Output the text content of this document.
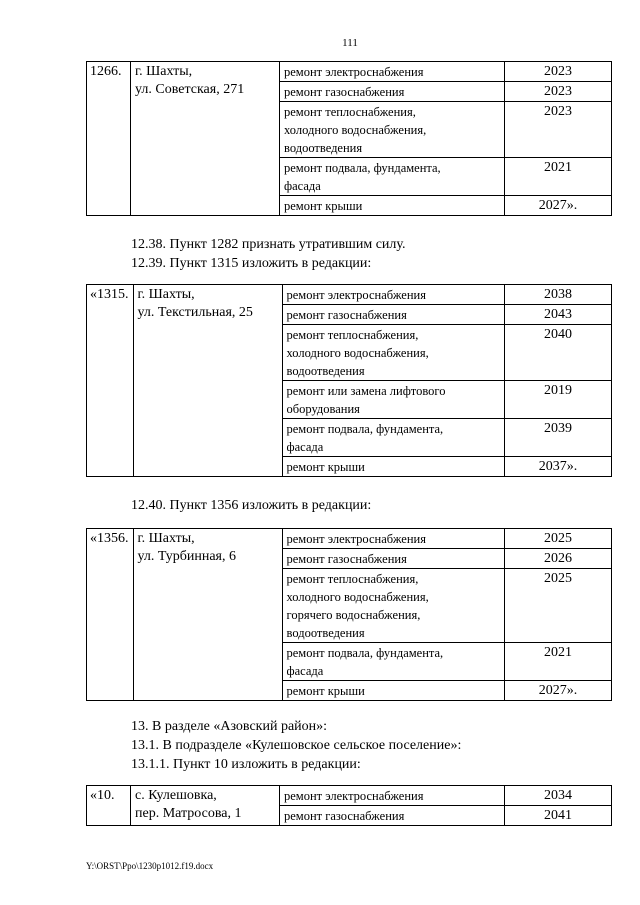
111
1266.	г. Шахты,
ул. Советская, 271	ремонт электроснабжения	2023
		ремонт газоснабжения	2023
		ремонт теплоснабжения,
холодного водоснабжения,
водоотведения	2023
		ремонт подвала, фундамента,
фасада	2021
		ремонт крыши	2027».

12.38. Пункт 1282 признать утратившим силу.

12.39. Пункт 1315 изложить в редакции:

«1315.	г. Шахты,
ул. Текстильная, 25	ремонт электроснабжения	2038
		ремонт газоснабжения	2043
		ремонт теплоснабжения,
холодного водоснабжения,
водоотведения	2040
		ремонт или замена лифтового
оборудования	2019
		ремонт подвала, фундамента,
фасада	2039
		ремонт крыши	2037».

12.40. Пункт 1356 изложить в редакции:

«1356.	г. Шахты,
ул. Турбинная, 6	ремонт электроснабжения	2025
		ремонт газоснабжения	2026
		ремонт теплоснабжения,
холодного водоснабжения,
горячего водоснабжения,
водоотведения	2025
		ремонт подвала, фундамента,
фасада	2021
		ремонт крыши	2027».

13. В разделе «Азовский район»:

13.1. В подразделе «Кулешовское сельское поселение»:

13.1.1. Пункт 10 изложить в редакции:

«10.	с. Кулешовка,
пер. Матросова, 1	ремонт электроснабжения	2034
		ремонт газоснабжения	2041
Y:\ORST\Ppo\1230p1012.f19.docx
